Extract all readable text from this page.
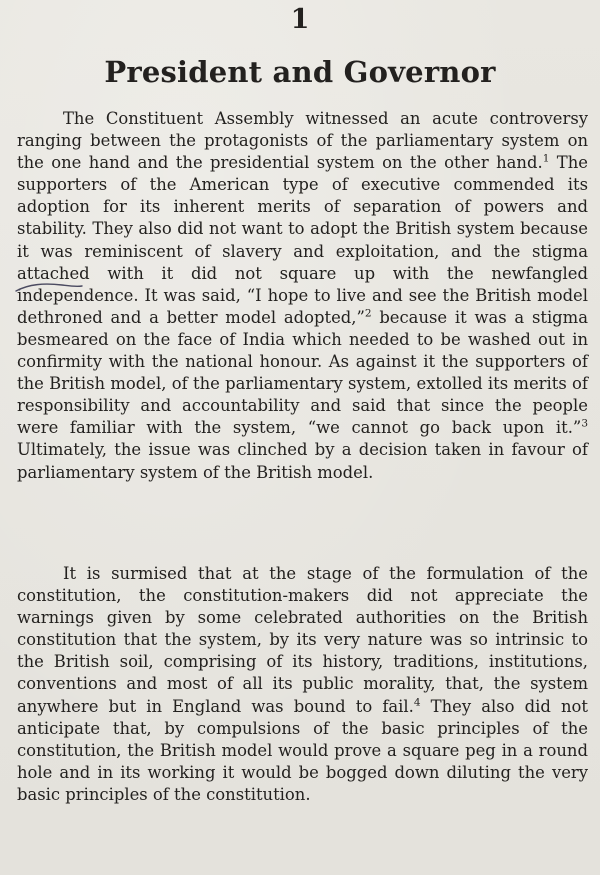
1
President and Governor

The Constituent Assembly witnessed an acute controversy ranging between the protagonists of the parliamentary system on the one hand and the presidential system on the other hand.$^1$ The supporters of the American type of executive commended its adoption for its inherent merits of separation of powers and stability. They also did not want to adopt the British system because it was reminiscent of slavery and exploitation, and the stigma attached with it did not square up with the newfangled independence. It was said, “I hope to live and see the British model dethroned and a better model adopted,”$^2$ because it was a stigma besmeared on the face of India which needed to be washed out in confirmity with the national honour. As against it the supporters of the British model, of the parliamentary system, extolled its merits of responsibility and accountability and said that since the people were familiar with the system, “we cannot go back upon it.”$^3$ Ultimately, the issue was clinched by a decision taken in favour of parliamentary system of the British model.

It is surmised that at the stage of the formulation of the constitution, the constitution-makers did not appreciate the warnings given by some celebrated authorities on the British constitution that the system, by its very nature was so intrinsic to the British soil, comprising of its history, traditions, institutions, conventions and most of all its public morality, that, the system anywhere but in England was bound to fail.$^4$ They also did not anticipate that, by compulsions of the basic principles of the constitution, the British model would prove a square peg in a round hole and in its working it would be bogged down diluting the very basic principles of the constitution.
